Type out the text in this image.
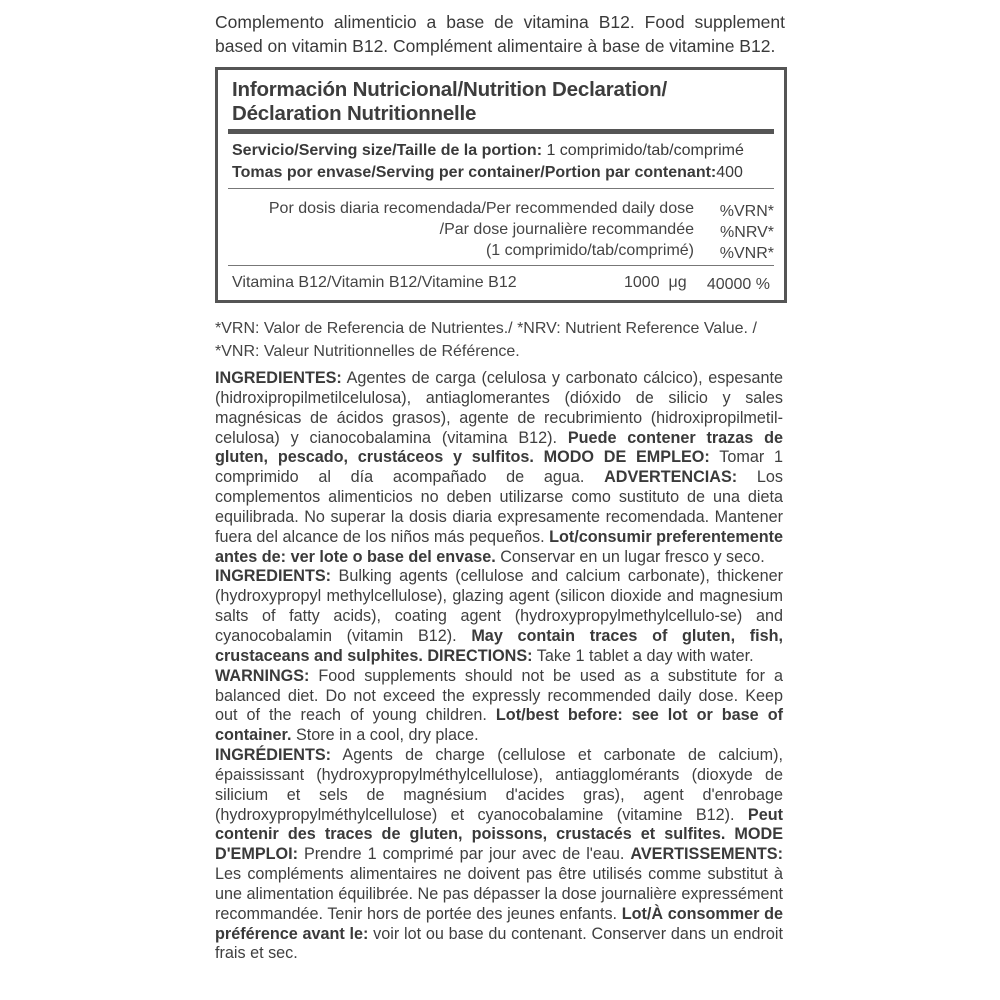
Complemento alimenticio a base de vitamina B12. Food supplement based on vitamin B12. Complément alimentaire à base de vitamine B12.
Información Nutricional/Nutrition Declaration/
Déclaration Nutritionnelle
Servicio/Serving size/Taille de la portion: 1 comprimido/tab/comprimé
Tomas por envase/Serving per container/Portion par contenant:400
Por dosis diaria recomendada/Per recommended daily dose
/Par dose journalière recommandée
(1 comprimido/tab/comprimé)
%VRN*
%NRV*
%VNR*
Vitamina B12/Vitamin B12/Vitamine B12	1000  μg 40000 %
*VRN: Valor de Referencia de Nutrientes./ *NRV: Nutrient Reference Value. /
*VNR: Valeur Nutritionnelles de Référence.

INGREDIENTES: Agentes de carga (celulosa y carbonato cálcico), espesante (hidroxipropilmetilcelulosa), antiaglomerantes (dióxido de silicio y sales magnésicas de ácidos grasos), agente de recubrimiento (hidroxipropilmetil-celulosa) y cianocobalamina (vitamina B12). Puede contener trazas de gluten, pescado, crustáceos y sulfitos. MODO DE EMPLEO: Tomar 1 comprimido al día acompañado de agua. ADVERTENCIAS: Los complementos alimenticios no deben utilizarse como sustituto de una dieta equilibrada. No superar la dosis diaria expresamente recomendada. Mantener fuera del alcance de los niños más pequeños. Lot/consumir preferentemente antes de: ver lote o base del envase. Conservar en un lugar fresco y seco.

INGREDIENTS: Bulking agents (cellulose and calcium carbonate), thickener (hydroxypropyl methylcellulose), glazing agent (silicon dioxide and magnesium salts of fatty acids), coating agent (hydroxypropylmethylcellulo-se) and cyanocobalamin (vitamin B12). May contain traces of gluten, fish, crustaceans and sulphites. DIRECTIONS: Take 1 tablet a day with water.
WARNINGS: Food supplements should not be used as a substitute for a balanced diet. Do not exceed the expressly recommended daily dose. Keep out of the reach of young children. Lot/best before: see lot or base of container. Store in a cool, dry place.

INGRÉDIENTS: Agents de charge (cellulose et carbonate de calcium), épaississant (hydroxypropylméthylcellulose), antiagglomérants (dioxyde de silicium et sels de magnésium d'acides gras), agent d'enrobage (hydroxypropylméthylcellulose) et cyanocobalamine (vitamine B12). Peut contenir des traces de gluten, poissons, crustacés et sulfites. MODE D'EMPLOI: Prendre 1 comprimé par jour avec de l'eau. AVERTISSEMENTS: Les compléments alimentaires ne doivent pas être utilisés comme substitut à une alimentation équilibrée. Ne pas dépasser la dose journalière expressément recommandée. Tenir hors de portée des jeunes enfants. Lot/À consommer de préférence avant le: voir lot ou base du contenant. Conserver dans un endroit frais et sec.
